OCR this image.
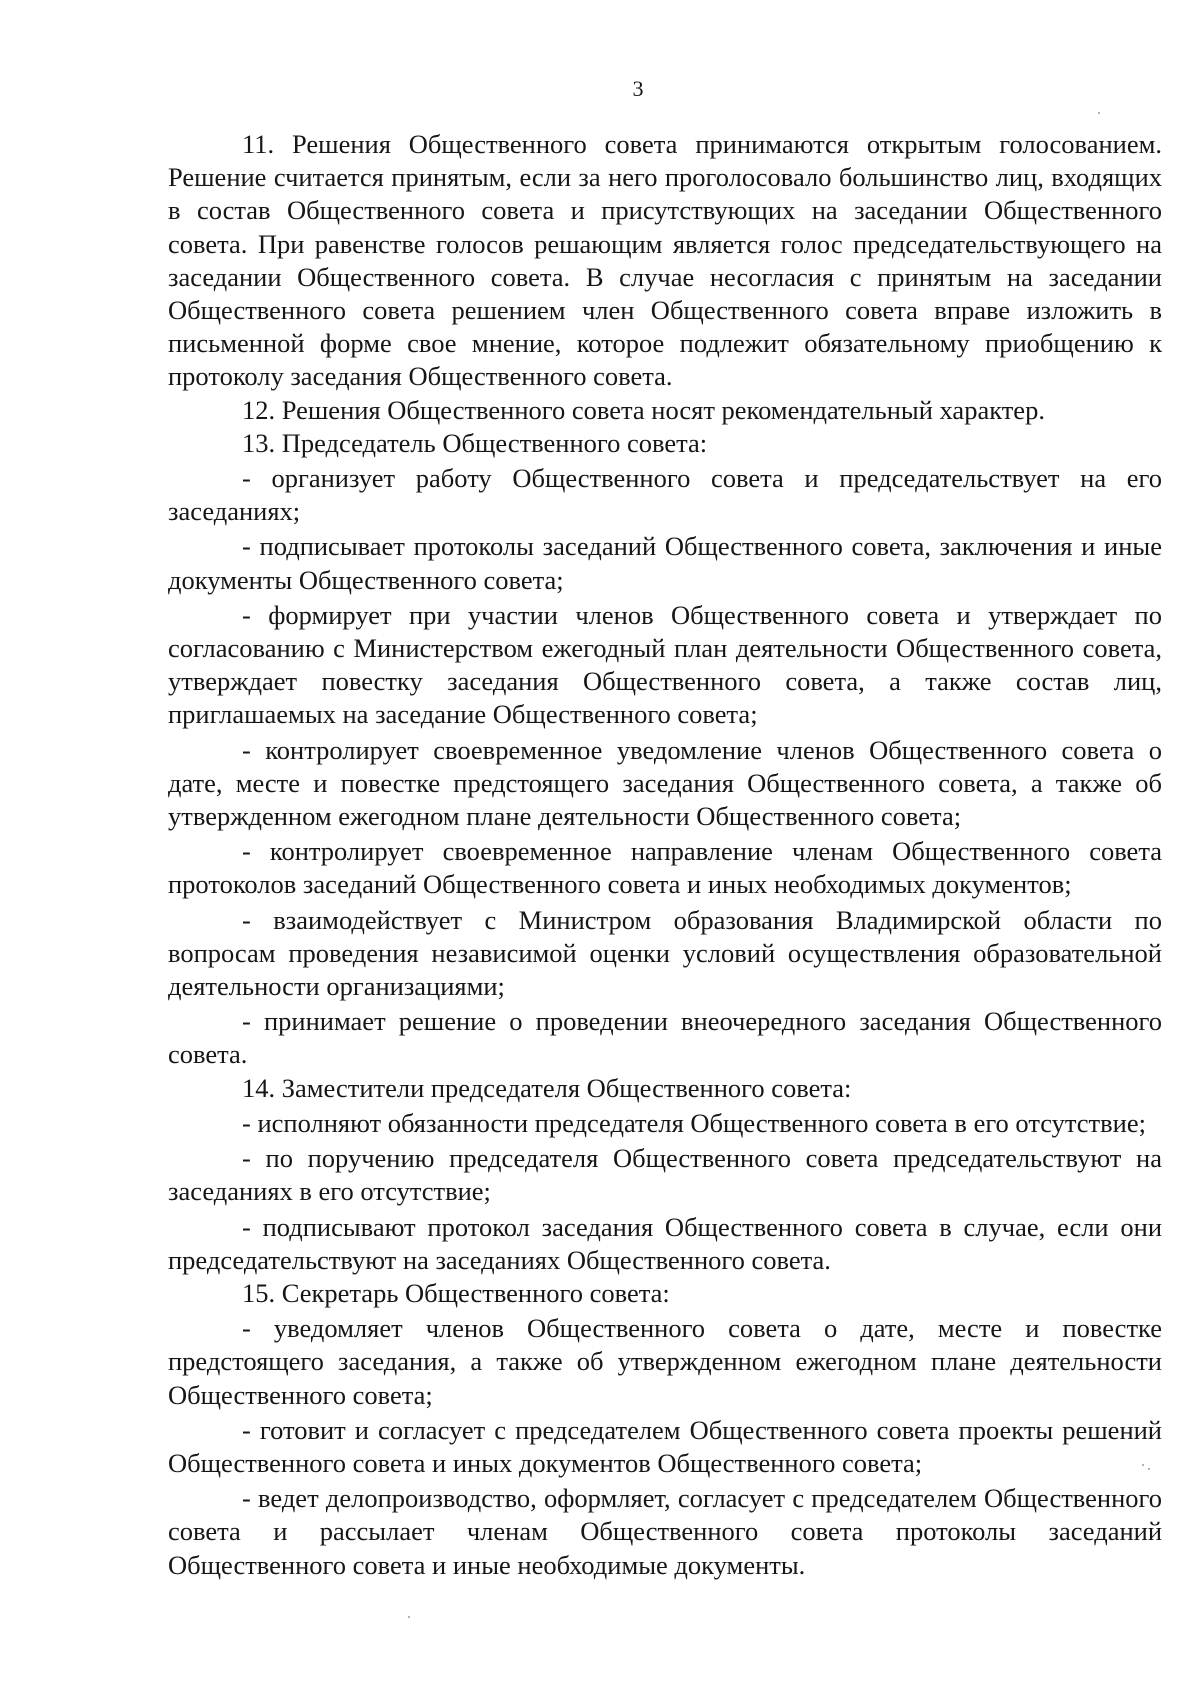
3

11. Решения Общественного совета принимаются открытым голосованием. Решение считается принятым, если за него проголосовало большинство лиц, входящих в состав Общественного совета и присутствующих на заседании Общественного совета. При равенстве голосов решающим является голос председательствующего на заседании Общественного совета. В случае несогласия с принятым на заседании Общественного совета решением член Общественного совета вправе изложить в письменной форме свое мнение, которое подлежит обязательному приобщению к протоколу заседания Общественного совета.

12. Решения Общественного совета носят рекомендательный характер.

13. Председатель Общественного совета:

- организует работу Общественного совета и председательствует на его заседаниях;

- подписывает протоколы заседаний Общественного совета, заключения и иные документы Общественного совета;

- формирует при участии членов Общественного совета и утверждает по согласованию с Министерством ежегодный план деятельности Общественного совета, утверждает повестку заседания Общественного совета, а также состав лиц, приглашаемых на заседание Общественного совета;

- контролирует своевременное уведомление членов Общественного совета о дате, месте и повестке предстоящего заседания Общественного совета, а также об утвержденном ежегодном плане деятельности Общественного совета;

- контролирует своевременное направление членам Общественного совета протоколов заседаний Общественного совета и иных необходимых документов;

- взаимодействует с Министром образования Владимирской области по вопросам проведения независимой оценки условий осуществления образовательной деятельности организациями;

- принимает решение о проведении внеочередного заседания Общественного совета.

14. Заместители председателя Общественного совета:

- исполняют обязанности председателя Общественного совета в его отсутствие;

- по поручению председателя Общественного совета председательствуют на заседаниях в его отсутствие;

- подписывают протокол заседания Общественного совета в случае, если они председательствуют на заседаниях Общественного совета.

15. Секретарь Общественного совета:

- уведомляет членов Общественного совета о дате, месте и повестке предстоящего заседания, а также об утвержденном ежегодном плане деятельности Общественного совета;

- готовит и согласует с председателем Общественного совета проекты решений Общественного совета и иных документов Общественного совета;

- ведет делопроизводство, оформляет, согласует с председателем Общественного совета и рассылает членам Общественного совета протоколы заседаний Общественного совета и иные необходимые документы.
